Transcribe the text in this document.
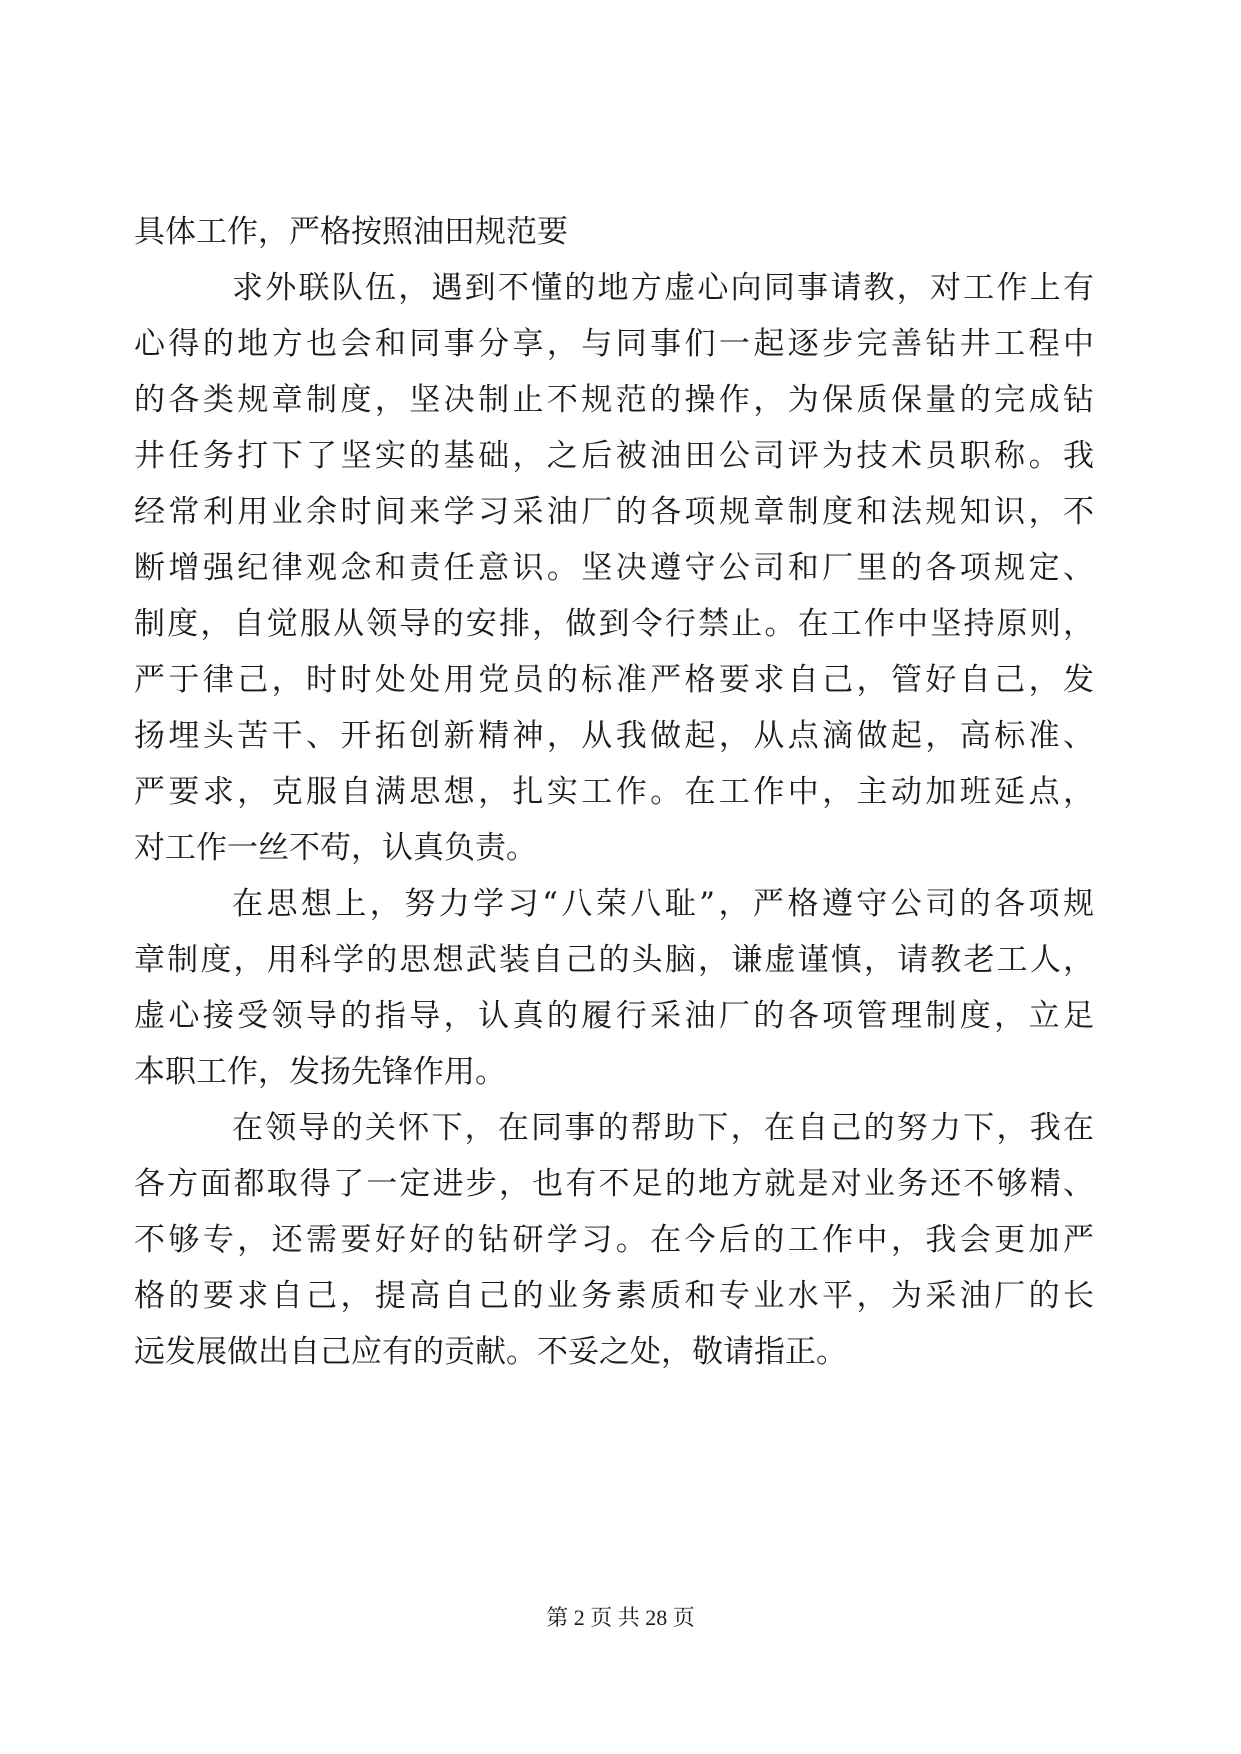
具体工作，严格按照油田规范要
求外联队伍，遇到不懂的地方虚心向同事请教，对工作上有
心得的地方也会和同事分享，与同事们一起逐步完善钻井工程中
的各类规章制度，坚决制止不规范的操作，为保质保量的完成钻
井任务打下了坚实的基础，之后被油田公司评为技术员职称。我
经常利用业余时间来学习采油厂的各项规章制度和法规知识，不
断增强纪律观念和责任意识。坚决遵守公司和厂里的各项规定、
制度，自觉服从领导的安排，做到令行禁止。在工作中坚持原则，
严于律己，时时处处用党员的标准严格要求自己，管好自己，发
扬埋头苦干、开拓创新精神，从我做起，从点滴做起，高标准、
严要求，克服自满思想，扎实工作。在工作中，主动加班延点，
对工作一丝不苟，认真负责。
在思想上，努力学习“八荣八耻”，严格遵守公司的各项规
章制度，用科学的思想武装自己的头脑，谦虚谨慎，请教老工人，
虚心接受领导的指导，认真的履行采油厂的各项管理制度，立足
本职工作，发扬先锋作用。
在领导的关怀下，在同事的帮助下，在自己的努力下，我在
各方面都取得了一定进步，也有不足的地方就是对业务还不够精、
不够专，还需要好好的钻研学习。在今后的工作中，我会更加严
格的要求自己，提高自己的业务素质和专业水平，为采油厂的长
远发展做出自己应有的贡献。不妥之处，敬请指正。
第 2 页 共 28 页
